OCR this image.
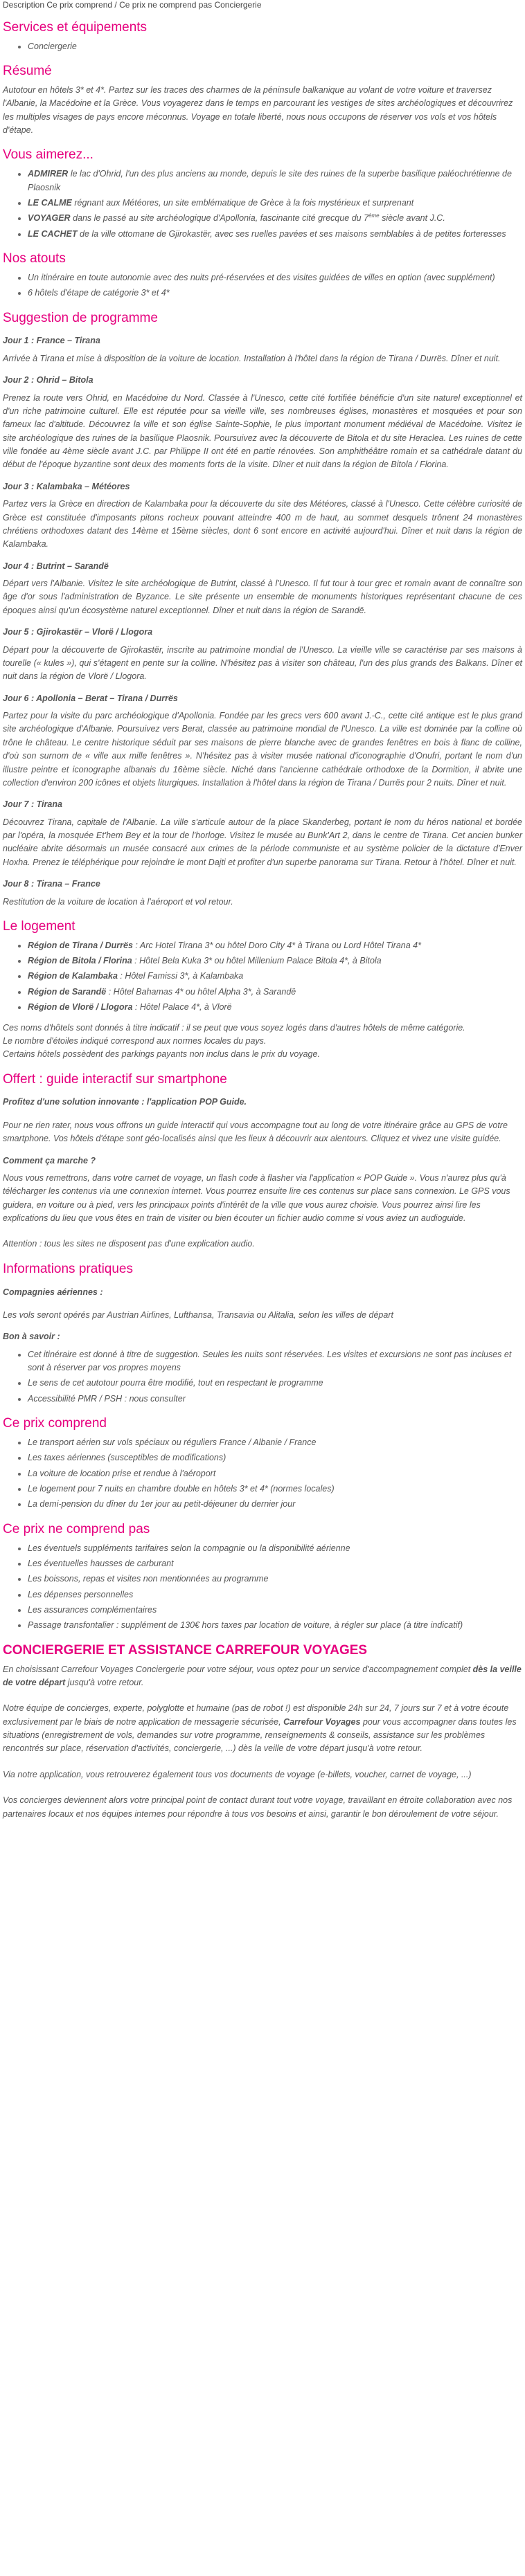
Description Ce prix comprend / Ce prix ne comprend pas Conciergerie
Services et équipements
• Conciergerie
Résumé

Autotour en hôtels 3* et 4*. Partez sur les traces des charmes de la péninsule balkanique au volant de votre voiture et traversez l'Albanie, la Macédoine et la Grèce. Vous voyagerez dans le temps en parcourant les vestiges de sites archéologiques et découvrirez les multiples visages de pays encore méconnus. Voyage en totale liberté, nous nous occupons de réserver vos vols et vos hôtels d'étape.

Vous aimerez...
• ADMIRER le lac d'Ohrid, l'un des plus anciens au monde, depuis le site des ruines de la superbe basilique paléochrétienne de Plaosnik
• LE CALME régnant aux Météores, un site emblématique de Grèce à la fois mystérieux et surprenant
• VOYAGER dans le passé au site archéologique d'Apollonia, fascinante cité grecque du 7ème siècle avant J.C.
• LE CACHET de la ville ottomane de Gjirokastër, avec ses ruelles pavées et ses maisons semblables à de petites forteresses
Nos atouts
• Un itinéraire en toute autonomie avec des nuits pré-réservées et des visites guidées de villes en option (avec supplément)
• 6 hôtels d'étape de catégorie 3* et 4*
Suggestion de programme
Jour 1 : France – Tirana

Arrivée à Tirana et mise à disposition de la voiture de location. Installation à l'hôtel dans la région de Tirana / Durrës. Dîner et nuit.

Jour 2 : Ohrid – Bitola

Prenez la route vers Ohrid, en Macédoine du Nord. Classée à l'Unesco, cette cité fortifiée bénéficie d'un site naturel exceptionnel et d'un riche patrimoine culturel. Elle est réputée pour sa vieille ville, ses nombreuses églises, monastères et mosquées et pour son fameux lac d'altitude. Découvrez la ville et son église Sainte-Sophie, le plus important monument médiéval de Macédoine. Visitez le site archéologique des ruines de la basilique Plaosnik. Poursuivez avec la découverte de Bitola et du site Heraclea. Les ruines de cette ville fondée au 4ème siècle avant J.C. par Philippe II ont été en partie rénovées. Son amphithéâtre romain et sa cathédrale datant du début de l'époque byzantine sont deux des moments forts de la visite. Dîner et nuit dans la région de Bitola / Florina.

Jour 3 : Kalambaka – Météores

Partez vers la Grèce en direction de Kalambaka pour la découverte du site des Météores, classé à l'Unesco. Cette célèbre curiosité de Grèce est constituée d'imposants pitons rocheux pouvant atteindre 400 m de haut, au sommet desquels trônent 24 monastères chrétiens orthodoxes datant des 14ème et 15ème siècles, dont 6 sont encore en activité aujourd'hui. Dîner et nuit dans la région de Kalambaka.

Jour 4 : Butrint – Sarandë

Départ vers l'Albanie. Visitez le site archéologique de Butrint, classé à l'Unesco. Il fut tour à tour grec et romain avant de connaître son âge d'or sous l'administration de Byzance. Le site présente un ensemble de monuments historiques représentant chacune de ces époques ainsi qu'un écosystème naturel exceptionnel. Dîner et nuit dans la région de Sarandë.

Jour 5 : Gjirokastër – Vlorë / Llogora

Départ pour la découverte de Gjirokastër, inscrite au patrimoine mondial de l'Unesco. La vieille ville se caractérise par ses maisons à tourelle (« kules »), qui s'étagent en pente sur la colline. N'hésitez pas à visiter son château, l'un des plus grands des Balkans. Dîner et nuit dans la région de Vlorë / Llogora.

Jour 6 : Apollonia – Berat – Tirana / Durrës

Partez pour la visite du parc archéologique d'Apollonia. Fondée par les grecs vers 600 avant J.-C., cette cité antique est le plus grand site archéologique d'Albanie. Poursuivez vers Berat, classée au patrimoine mondial de l'Unesco. La ville est dominée par la colline où trône le château. Le centre historique séduit par ses maisons de pierre blanche avec de grandes fenêtres en bois à flanc de colline, d'où son surnom de « ville aux mille fenêtres ». N'hésitez pas à visiter musée national d'iconographie d'Onufri, portant le nom d'un illustre peintre et iconographe albanais du 16ème siècle. Niché dans l'ancienne cathédrale orthodoxe de la Dormition, il abrite une collection d'environ 200 icônes et objets liturgiques. Installation à l'hôtel dans la région de Tirana / Durrës pour 2 nuits. Dîner et nuit.

Jour 7 : Tirana

Découvrez Tirana, capitale de l'Albanie. La ville s'articule autour de la place Skanderbeg, portant le nom du héros national et bordée par l'opéra, la mosquée Et'hem Bey et la tour de l'horloge. Visitez le musée au Bunk'Art 2, dans le centre de Tirana. Cet ancien bunker nucléaire abrite désormais un musée consacré aux crimes de la période communiste et au système policier de la dictature d'Enver Hoxha. Prenez le téléphérique pour rejoindre le mont Dajti et profiter d'un superbe panorama sur Tirana. Retour à l'hôtel. Dîner et nuit.

Jour 8 : Tirana – France

Restitution de la voiture de location à l'aéroport et vol retour.

Le logement
• Région de Tirana / Durrës : Arc Hotel Tirana 3* ou hôtel Doro City 4* à Tirana ou Lord Hôtel Tirana 4*
• Région de Bitola / Florina : Hôtel Bela Kuka 3* ou hôtel Millenium Palace Bitola 4*, à Bitola
• Région de Kalambaka : Hôtel Famissi 3*, à Kalambaka
• Région de Sarandë : Hôtel Bahamas 4* ou hôtel Alpha 3*, à Sarandë
• Région de Vlorë / Llogora : Hôtel Palace 4*, à Vlorë

Ces noms d'hôtels sont donnés à titre indicatif : il se peut que vous soyez logés dans d'autres hôtels de même catégorie.

Le nombre d'étoiles indiqué correspond aux normes locales du pays.

Certains hôtels possèdent des parkings payants non inclus dans le prix du voyage.

Offert : guide interactif sur smartphone
Profitez d'une solution innovante : l'application POP Guide.

Pour ne rien rater, nous vous offrons un guide interactif qui vous accompagne tout au long de votre itinéraire grâce au GPS de votre smartphone. Vos hôtels d'étape sont géo-localisés ainsi que les lieux à découvrir aux alentours. Cliquez et vivez une visite guidée.

Comment ça marche ?

Nous vous remettrons, dans votre carnet de voyage, un flash code à flasher via l'application « POP Guide ». Vous n'aurez plus qu'à télécharger les contenus via une connexion internet. Vous pourrez ensuite lire ces contenus sur place sans connexion. Le GPS vous guidera, en voiture ou à pied, vers les principaux points d'intérêt de la ville que vous aurez choisie. Vous pourrez ainsi lire les explications du lieu que vous êtes en train de visiter ou bien écouter un fichier audio comme si vous aviez un audioguide.

Attention : tous les sites ne disposent pas d'une explication audio.

Informations pratiques
Compagnies aériennes :

Les vols seront opérés par Austrian Airlines, Lufthansa, Transavia ou Alitalia, selon les villes de départ

Bon à savoir :
• Cet itinéraire est donné à titre de suggestion. Seules les nuits sont réservées. Les visites et excursions ne sont pas incluses et sont à réserver par vos propres moyens
• Le sens de cet autotour pourra être modifié, tout en respectant le programme
• Accessibilité PMR / PSH : nous consulter
Ce prix comprend
• Le transport aérien sur vols spéciaux ou réguliers France / Albanie / France
• Les taxes aériennes (susceptibles de modifications)
• La voiture de location prise et rendue à l'aéroport
• Le logement pour 7 nuits en chambre double en hôtels 3* et 4* (normes locales)
• La demi-pension du dîner du 1er jour au petit-déjeuner du dernier jour
Ce prix ne comprend pas
• Les éventuels suppléments tarifaires selon la compagnie ou la disponibilité aérienne
• Les éventuelles hausses de carburant
• Les boissons, repas et visites non mentionnées au programme
• Les dépenses personnelles
• Les assurances complémentaires
• Passage transfontalier : supplément de 130€ hors taxes par location de voiture, à régler sur place (à titre indicatif)
CONCIERGERIE ET ASSISTANCE CARREFOUR VOYAGES

En choisissant Carrefour Voyages Conciergerie pour votre séjour, vous optez pour un service d'accompagnement complet dès la veille de votre départ jusqu'à votre retour.

Notre équipe de concierges, experte, polyglotte et humaine (pas de robot !) est disponible 24h sur 24, 7 jours sur 7 et à votre écoute exclusivement par le biais de notre application de messagerie sécurisée, Carrefour Voyages pour vous accompagner dans toutes les situations (enregistrement de vols, demandes sur votre programme, renseignements & conseils, assistance sur les problèmes rencontrés sur place, réservation d'activités, conciergerie, ...) dès la veille de votre départ jusqu'à votre retour.

Via notre application, vous retrouverez également tous vos documents de voyage (e-billets, voucher, carnet de voyage, ...)

Vos concierges deviennent alors votre principal point de contact durant tout votre voyage, travaillant en étroite collaboration avec nos partenaires locaux et nos équipes internes pour répondre à tous vos besoins et ainsi, garantir le bon déroulement de votre séjour.
